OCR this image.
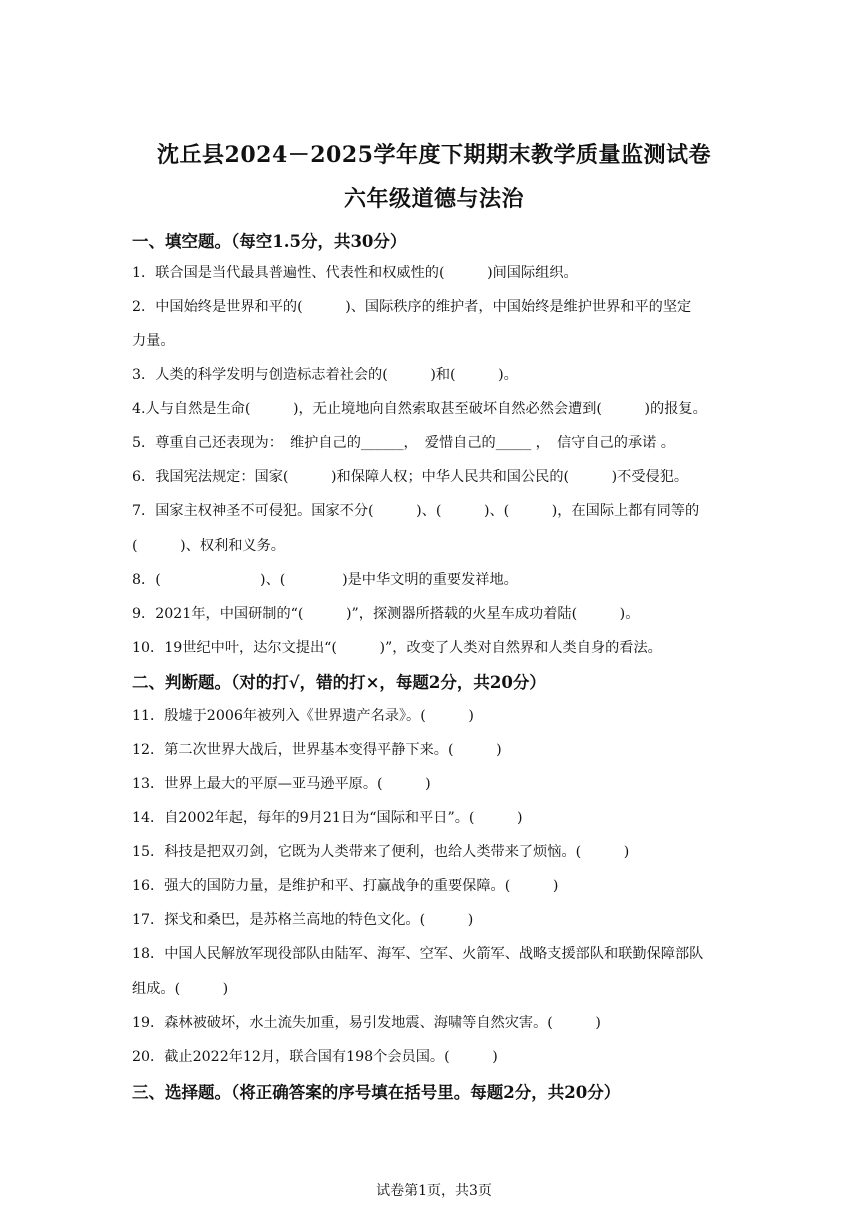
沈丘县2024－2025学年度下期期末教学质量监测试卷
六年级道德与法治
一、填空题。（每空1.5分，共30分）
1．联合国是当代最具普遍性、代表性和权威性的(　　　)间国际组织。
2．中国始终是世界和平的(　　　)、国际秩序的维护者，中国始终是维护世界和平的坚定
力量。
3．人类的科学发明与创造标志着社会的(　　　)和(　　　)。
4.人与自然是生命(　　　)，无止境地向自然索取甚至破坏自然必然会遭到(　　　)的报复。
5．尊重自己还表现为：　维护自己的______，　爱惜自己的_____ ，　信守自己的承诺 。
6．我国宪法规定：国家(　　　)和保障人权；中华人民共和国公民的(　　　)不受侵犯。
7．国家主权神圣不可侵犯。国家不分(　　　)、(　　　)、(　　　)，在国际上都有同等的
(　　　)、权利和义务。
8．(　　　　　　　)、(　　　　)是中华文明的重要发祥地。
9．2021年，中国研制的“(　　　)”，探测器所搭载的火星车成功着陆(　　　)。
10．19世纪中叶，达尔文提出“(　　　)”，改变了人类对自然界和人类自身的看法。
二、判断题。（对的打√，错的打×，每题2分，共20分）
11．殷墟于2006年被列入《世界遗产名录》。(　　　)
12．第二次世界大战后，世界基本变得平静下来。(　　　)
13．世界上最大的平原—亚马逊平原。(　　　)
14．自2002年起，每年的9月21日为“国际和平日”。(　　　)
15．科技是把双刃剑，它既为人类带来了便利，也给人类带来了烦恼。(　　　)
16．强大的国防力量，是维护和平、打赢战争的重要保障。(　　　)
17．探戈和桑巴，是苏格兰高地的特色文化。(　　　)
18．中国人民解放军现役部队由陆军、海军、空军、火箭军、战略支援部队和联勤保障部队
组成。(　　　)
19．森林被破坏，水土流失加重，易引发地震、海啸等自然灾害。(　　　)
20．截止2022年12月，联合国有198个会员国。(　　　)
三、选择题。（将正确答案的序号填在括号里。每题2分，共20分）
试卷第1页，共3页
